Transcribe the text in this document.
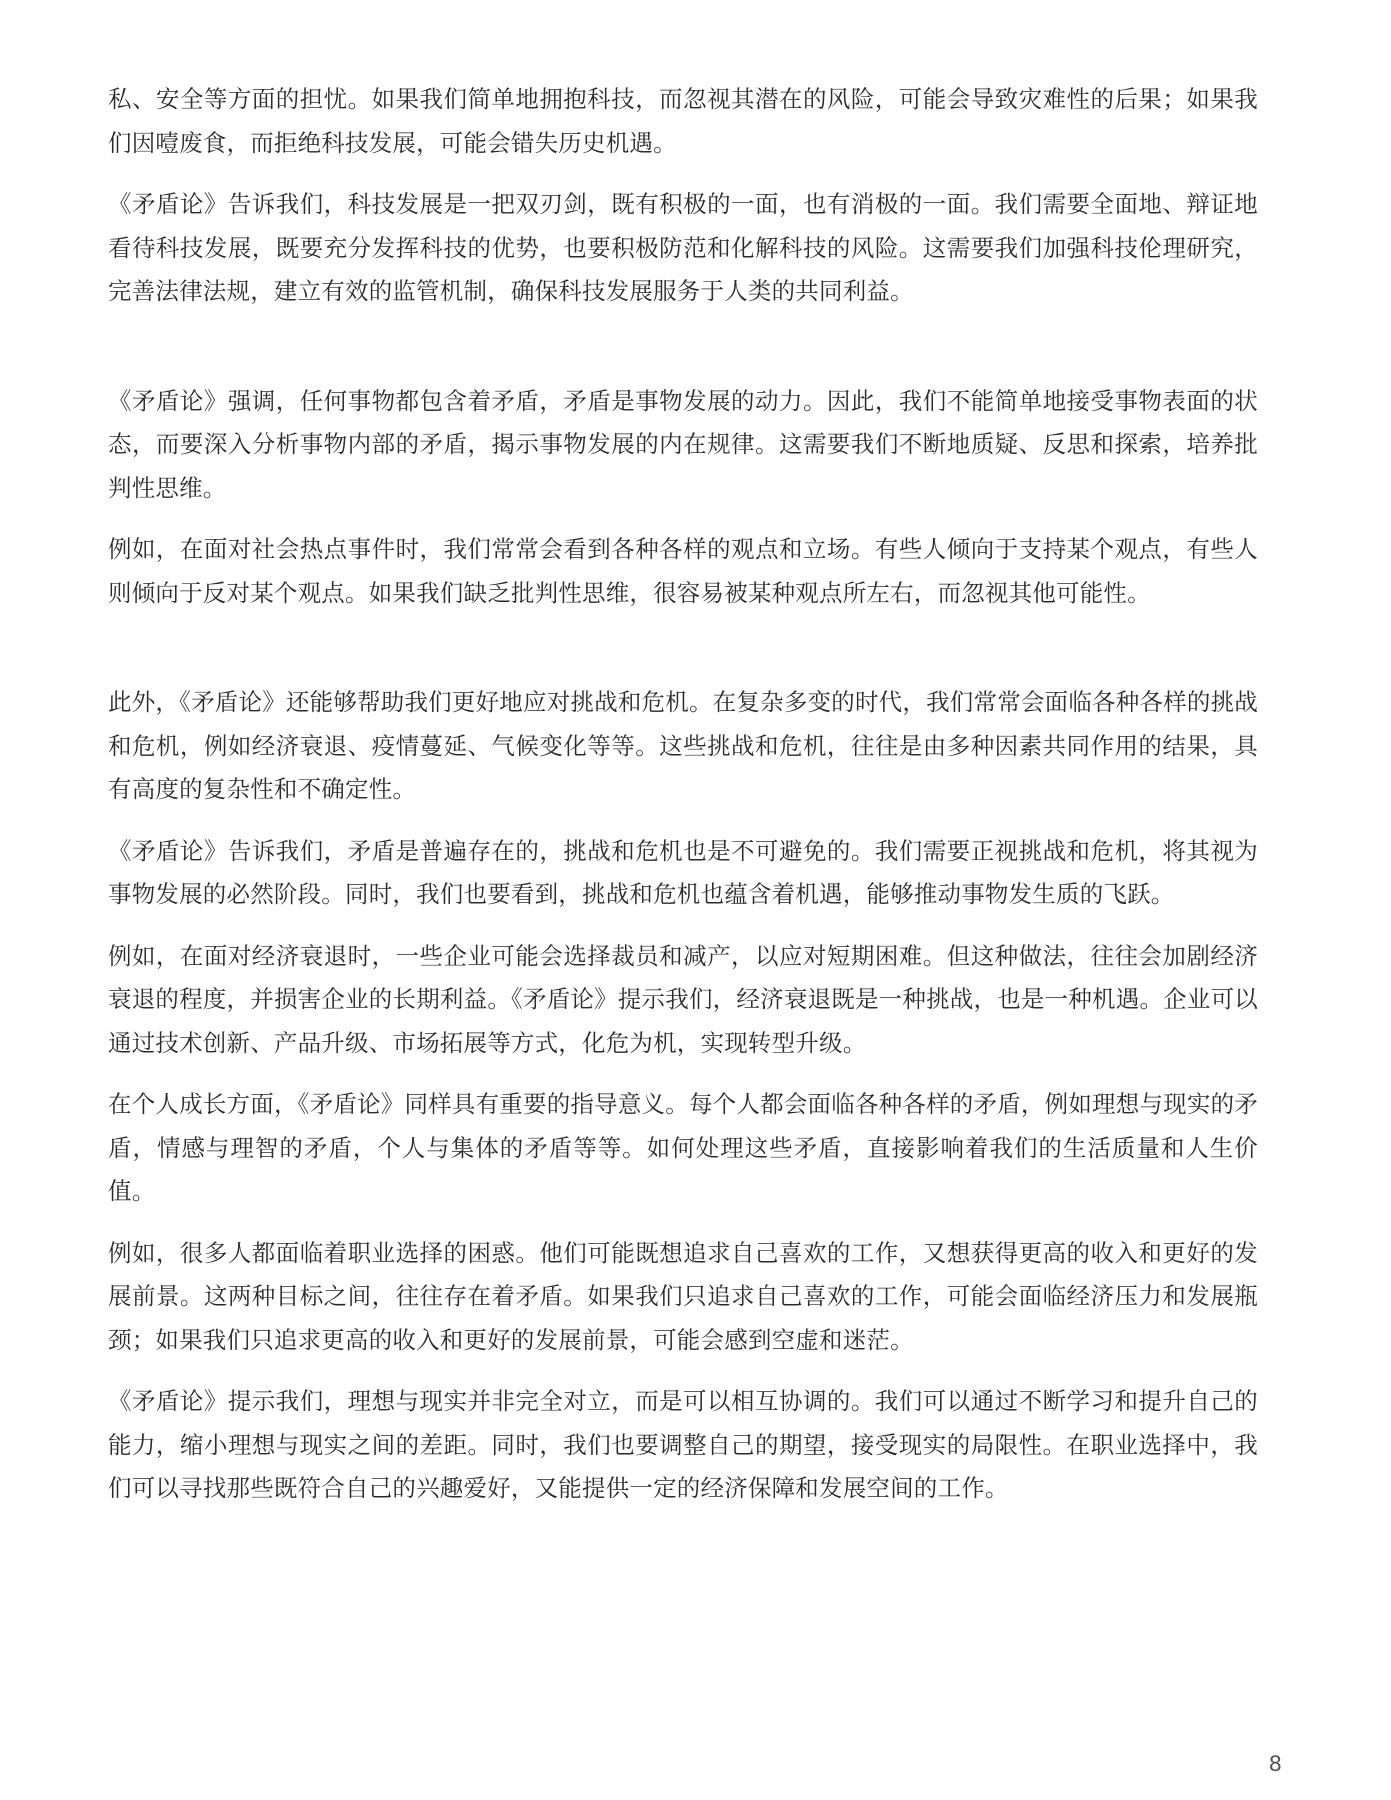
私、安全等方面的担忧。如果我们简单地拥抱科技，而忽视其潜在的风险，可能会导致灾难性的后果；如果我们因噎废食，而拒绝科技发展，可能会错失历史机遇。

《矛盾论》告诉我们，科技发展是一把双刃剑，既有积极的一面，也有消极的一面。我们需要全面地、辩证地看待科技发展，既要充分发挥科技的优势，也要积极防范和化解科技的风险。这需要我们加强科技伦理研究，完善法律法规，建立有效的监管机制，确保科技发展服务于人类的共同利益。

《矛盾论》强调，任何事物都包含着矛盾，矛盾是事物发展的动力。因此，我们不能简单地接受事物表面的状态，而要深入分析事物内部的矛盾，揭示事物发展的内在规律。这需要我们不断地质疑、反思和探索，培养批判性思维。

例如，在面对社会热点事件时，我们常常会看到各种各样的观点和立场。有些人倾向于支持某个观点，有些人则倾向于反对某个观点。如果我们缺乏批判性思维，很容易被某种观点所左右，而忽视其他可能性。

此外，《矛盾论》还能够帮助我们更好地应对挑战和危机。在复杂多变的时代，我们常常会面临各种各样的挑战和危机，例如经济衰退、疫情蔓延、气候变化等等。这些挑战和危机，往往是由多种因素共同作用的结果，具有高度的复杂性和不确定性。

《矛盾论》告诉我们，矛盾是普遍存在的，挑战和危机也是不可避免的。我们需要正视挑战和危机，将其视为事物发展的必然阶段。同时，我们也要看到，挑战和危机也蕴含着机遇，能够推动事物发生质的飞跃。

例如，在面对经济衰退时，一些企业可能会选择裁员和减产，以应对短期困难。但这种做法，往往会加剧经济衰退的程度，并损害企业的长期利益。《矛盾论》提示我们，经济衰退既是一种挑战，也是一种机遇。企业可以通过技术创新、产品升级、市场拓展等方式，化危为机，实现转型升级。

在个人成长方面，《矛盾论》同样具有重要的指导意义。每个人都会面临各种各样的矛盾，例如理想与现实的矛盾，情感与理智的矛盾，个人与集体的矛盾等等。如何处理这些矛盾，直接影响着我们的生活质量和人生价值。

例如，很多人都面临着职业选择的困惑。他们可能既想追求自己喜欢的工作，又想获得更高的收入和更好的发展前景。这两种目标之间，往往存在着矛盾。如果我们只追求自己喜欢的工作，可能会面临经济压力和发展瓶颈；如果我们只追求更高的收入和更好的发展前景，可能会感到空虚和迷茫。

《矛盾论》提示我们，理想与现实并非完全对立，而是可以相互协调的。我们可以通过不断学习和提升自己的能力，缩小理想与现实之间的差距。同时，我们也要调整自己的期望，接受现实的局限性。在职业选择中，我们可以寻找那些既符合自己的兴趣爱好，又能提供一定的经济保障和发展空间的工作。

8
